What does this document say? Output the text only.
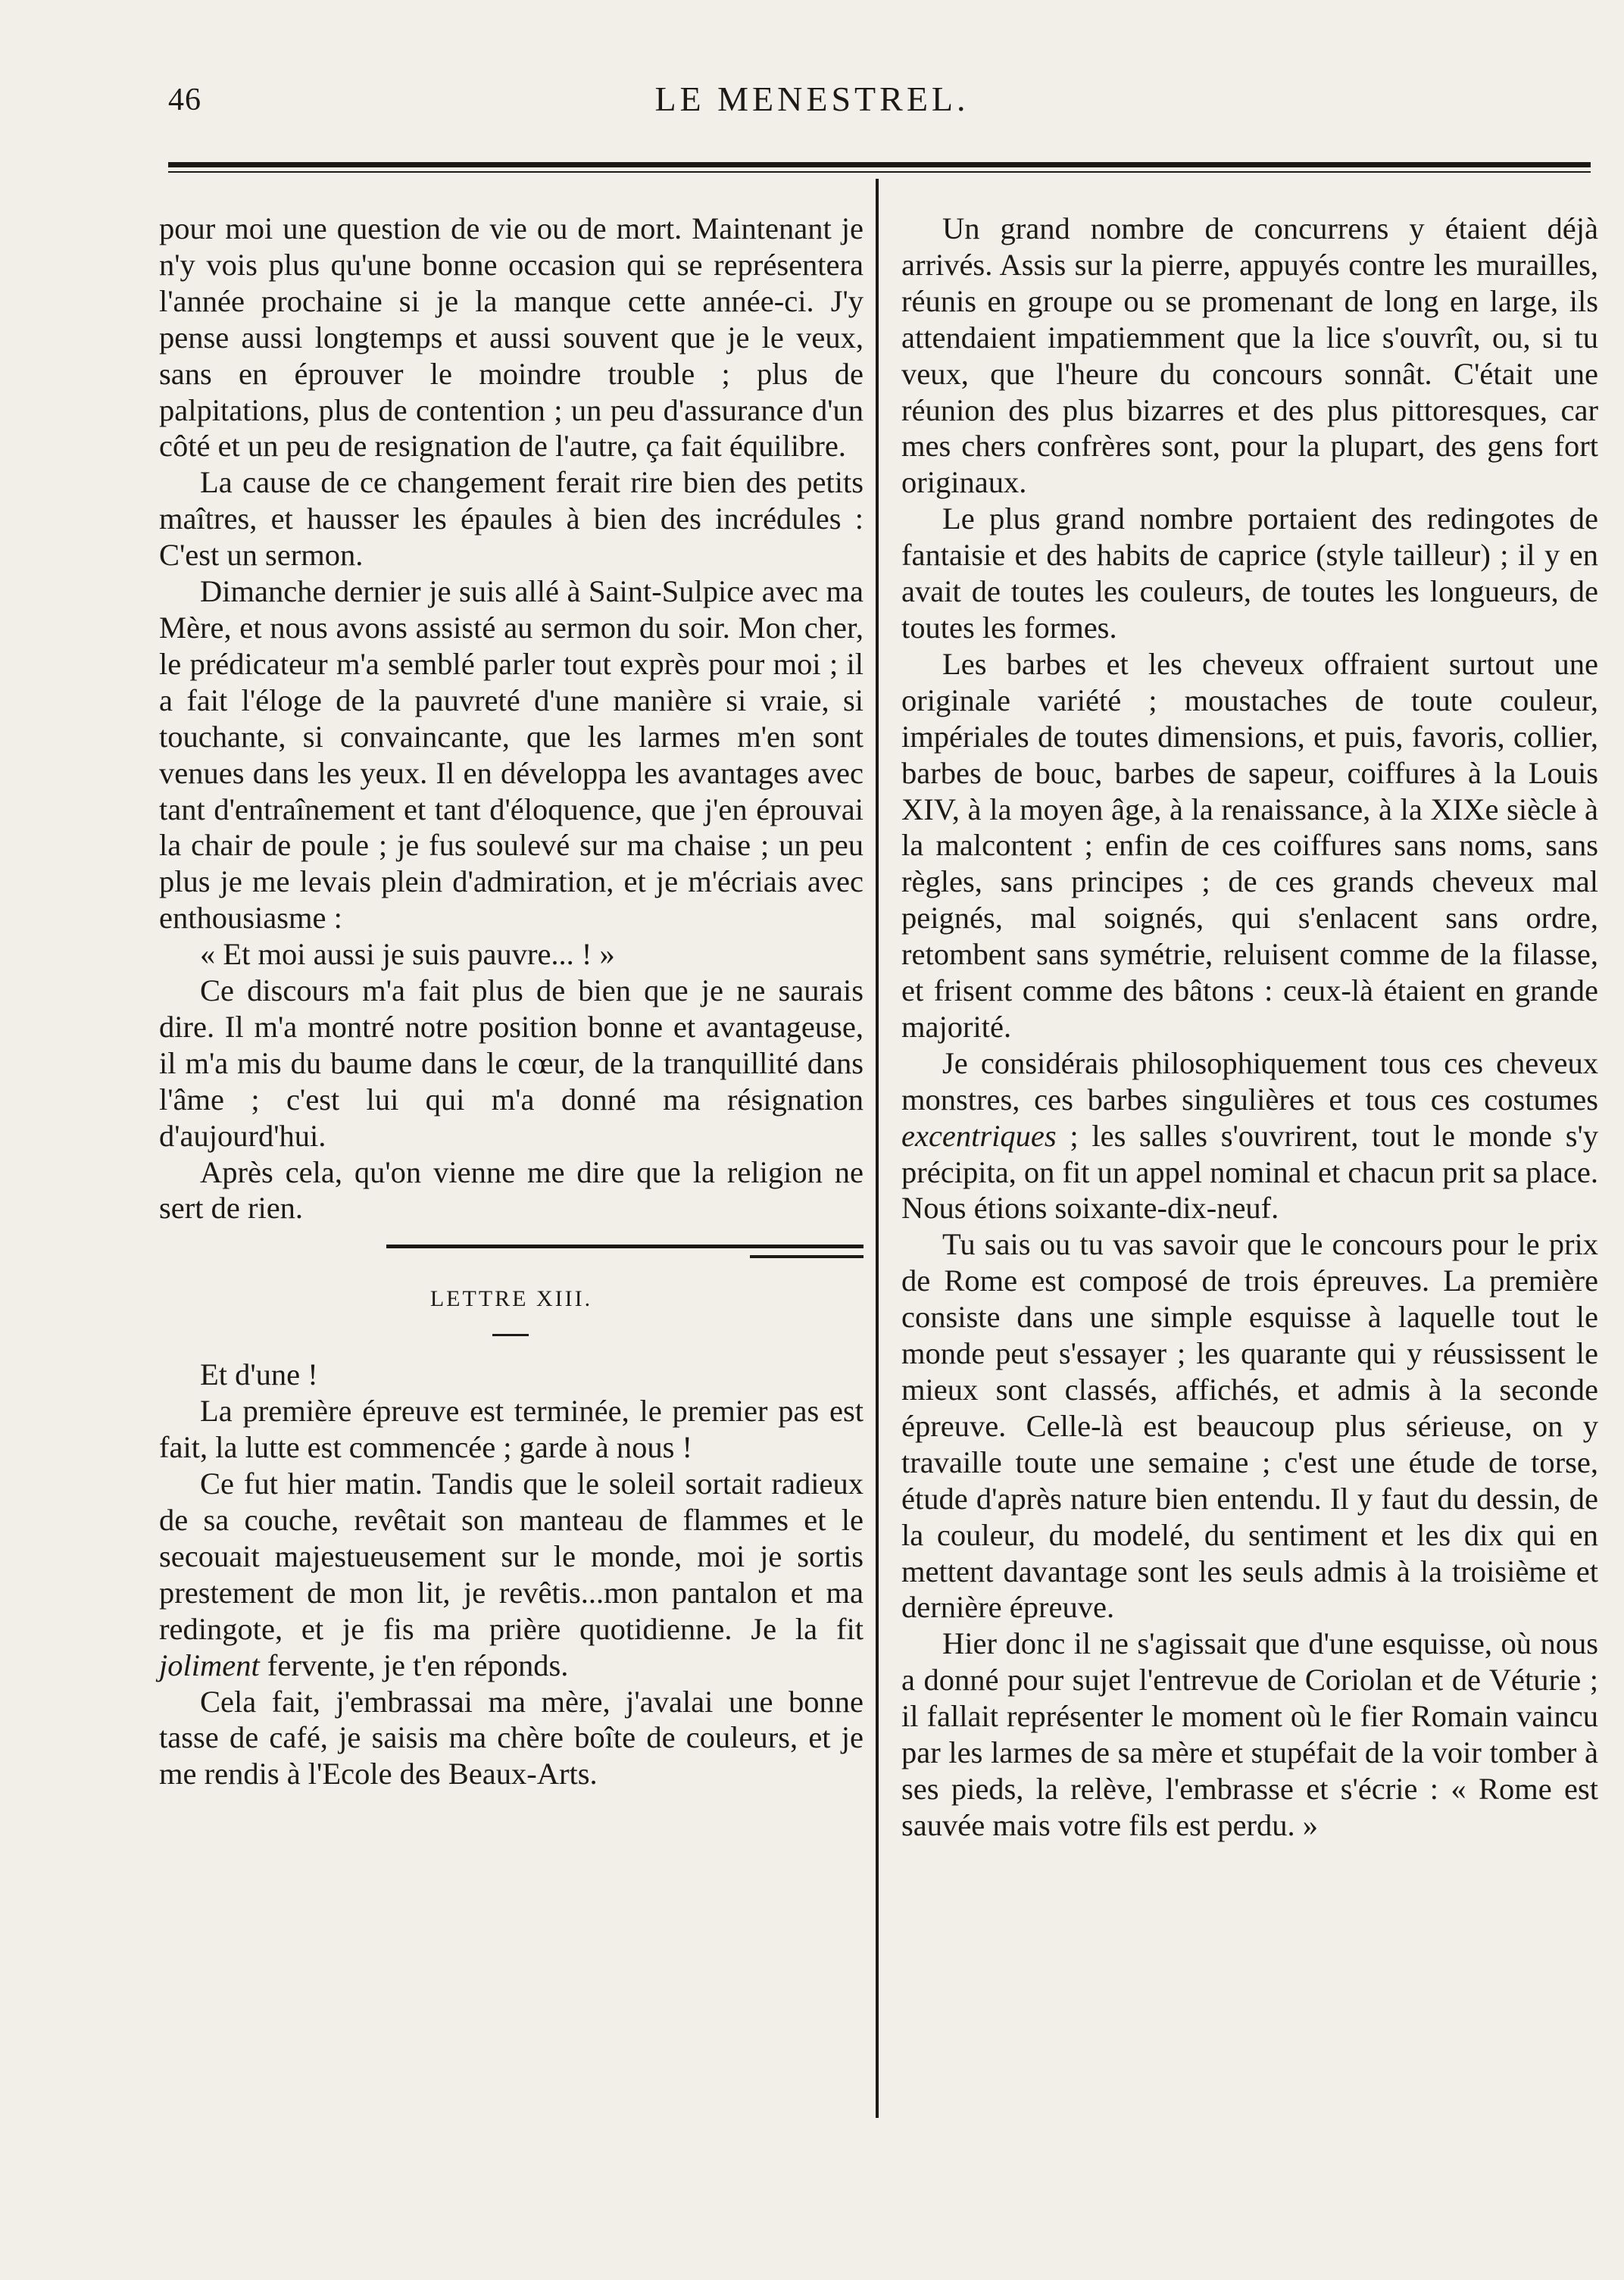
46	LE MENESTREL.

pour moi une question de vie ou de mort. Maintenant je n'y vois plus qu'une bonne occasion qui se représentera l'année prochaine si je la manque cette année-ci. J'y pense aussi longtemps et aussi souvent que je le veux, sans en éprouver le moindre trouble ; plus de palpitations, plus de contention ; un peu d'assurance d'un côté et un peu de resignation de l'autre, ça fait équilibre.

La cause de ce changement ferait rire bien des petits maîtres, et hausser les épaules à bien des incrédules : C'est un sermon.

Dimanche dernier je suis allé à Saint-Sulpice avec ma Mère, et nous avons assisté au sermon du soir. Mon cher, le prédicateur m'a semblé parler tout exprès pour moi ; il a fait l'éloge de la pauvreté d'une manière si vraie, si touchante, si convaincante, que les larmes m'en sont venues dans les yeux. Il en développa les avantages avec tant d'entraînement et tant d'éloquence, que j'en éprouvai la chair de poule ; je fus soulevé sur ma chaise ; un peu plus je me levais plein d'admiration, et je m'écriais avec enthousiasme :

« Et moi aussi je suis pauvre... ! »

Ce discours m'a fait plus de bien que je ne saurais dire. Il m'a montré notre position bonne et avantageuse, il m'a mis du baume dans le cœur, de la tranquillité dans l'âme ; c'est lui qui m'a donné ma résignation d'aujourd'hui.

Après cela, qu'on vienne me dire que la religion ne sert de rien.

LETTRE XIII.

Et d'une !

La première épreuve est terminée, le premier pas est fait, la lutte est commencée ; garde à nous !

Ce fut hier matin. Tandis que le soleil sortait radieux de sa couche, revêtait son manteau de flammes et le secouait majestueusement sur le monde, moi je sortis prestement de mon lit, je revêtis...mon pantalon et ma redingote, et je fis ma prière quotidienne. Je la fit joliment fervente, je t'en réponds.

Cela fait, j'embrassai ma mère, j'avalai une bonne tasse de café, je saisis ma chère boîte de couleurs, et je me rendis à l'Ecole des Beaux-Arts.

Un grand nombre de concurrens y étaient déjà arrivés. Assis sur la pierre, appuyés contre les murailles, réunis en groupe ou se promenant de long en large, ils attendaient impatiemment que la lice s'ouvrît, ou, si tu veux, que l'heure du concours sonnât. C'était une réunion des plus bizarres et des plus pittoresques, car mes chers confrères sont, pour la plupart, des gens fort originaux.

Le plus grand nombre portaient des redingotes de fantaisie et des habits de caprice (style tailleur) ; il y en avait de toutes les couleurs, de toutes les longueurs, de toutes les formes.

Les barbes et les cheveux offraient surtout une originale variété ; moustaches de toute couleur, impériales de toutes dimensions, et puis, favoris, collier, barbes de bouc, barbes de sapeur, coiffures à la Louis XIV, à la moyen âge, à la renaissance, à la XIXe siècle à la malcontent ; enfin de ces coiffures sans noms, sans règles, sans principes ; de ces grands cheveux mal peignés, mal soignés, qui s'enlacent sans ordre, retombent sans symétrie, reluisent comme de la filasse, et frisent comme des bâtons : ceux-là étaient en grande majorité.

Je considérais philosophiquement tous ces cheveux monstres, ces barbes singulières et tous ces costumes excentriques ; les salles s'ouvrirent, tout le monde s'y précipita, on fit un appel nominal et chacun prit sa place. Nous étions soixante-dix-neuf.

Tu sais ou tu vas savoir que le concours pour le prix de Rome est composé de trois épreuves. La première consiste dans une simple esquisse à laquelle tout le monde peut s'essayer ; les quarante qui y réussissent le mieux sont classés, affichés, et admis à la seconde épreuve. Celle-là est beaucoup plus sérieuse, on y travaille toute une semaine ; c'est une étude de torse, étude d'après nature bien entendu. Il y faut du dessin, de la couleur, du modelé, du sentiment et les dix qui en mettent davantage sont les seuls admis à la troisième et dernière épreuve.

Hier donc il ne s'agissait que d'une esquisse, où nous a donné pour sujet l'entrevue de Coriolan et de Véturie ; il fallait représenter le moment où le fier Romain vaincu par les larmes de sa mère et stupéfait de la voir tomber à ses pieds, la relève, l'embrasse et s'écrie : « Rome est sauvée mais votre fils est perdu. »
